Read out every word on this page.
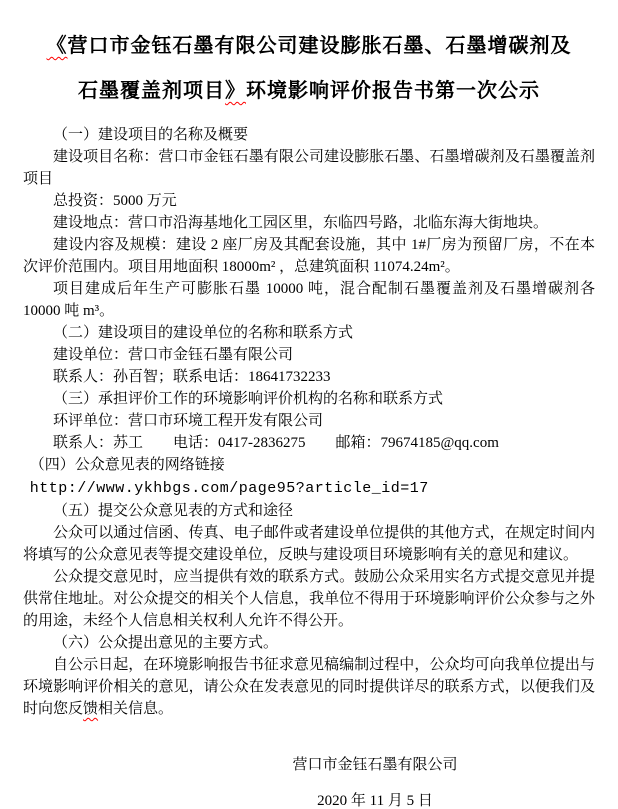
《营口市金钰石墨有限公司建设膨胀石墨、石墨增碳剂及
石墨覆盖剂项目》环境影响评价报告书第一次公示

（一）建设项目的名称及概要

建设项目名称：营口市金钰石墨有限公司建设膨胀石墨、石墨增碳剂及石墨覆盖剂项目

总投资：5000 万元

建设地点：营口市沿海基地化工园区里，东临四号路，北临东海大街地块。

建设内容及规模：建设 2 座厂房及其配套设施，其中 1#厂房为预留厂房，不在本次评价范围内。项目用地面积 18000m² ，总建筑面积 11074.24m²。

项目建成后年生产可膨胀石墨 10000 吨，混合配制石墨覆盖剂及石墨增碳剂各 10000 吨 m³。

（二）建设项目的建设单位的名称和联系方式

建设单位：营口市金钰石墨有限公司

联系人：孙百智；联系电话：18641732233

（三）承担评价工作的环境影响评价机构的名称和联系方式

环评单位：营口市环境工程开发有限公司

联系人：苏工　　电话：0417-2836275　　邮箱：79674185@qq.com

（四）公众意见表的网络链接

http://www.ykhbgs.com/page95?article_id=17

（五）提交公众意见表的方式和途径

公众可以通过信函、传真、电子邮件或者建设单位提供的其他方式，在规定时间内将填写的公众意见表等提交建设单位，反映与建设项目环境影响有关的意见和建议。

公众提交意见时，应当提供有效的联系方式。鼓励公众采用实名方式提交意见并提供常住地址。对公众提交的相关个人信息，我单位不得用于环境影响评价公众参与之外的用途，未经个人信息相关权利人允许不得公开。

（六）公众提出意见的主要方式。

自公示日起，在环境影响报告书征求意见稿编制过程中，公众均可向我单位提出与环境影响评价相关的意见，请公众在发表意见的同时提供详尽的联系方式，以便我们及时向您反馈相关信息。

营口市金钰石墨有限公司
2020 年 11 月 5 日
